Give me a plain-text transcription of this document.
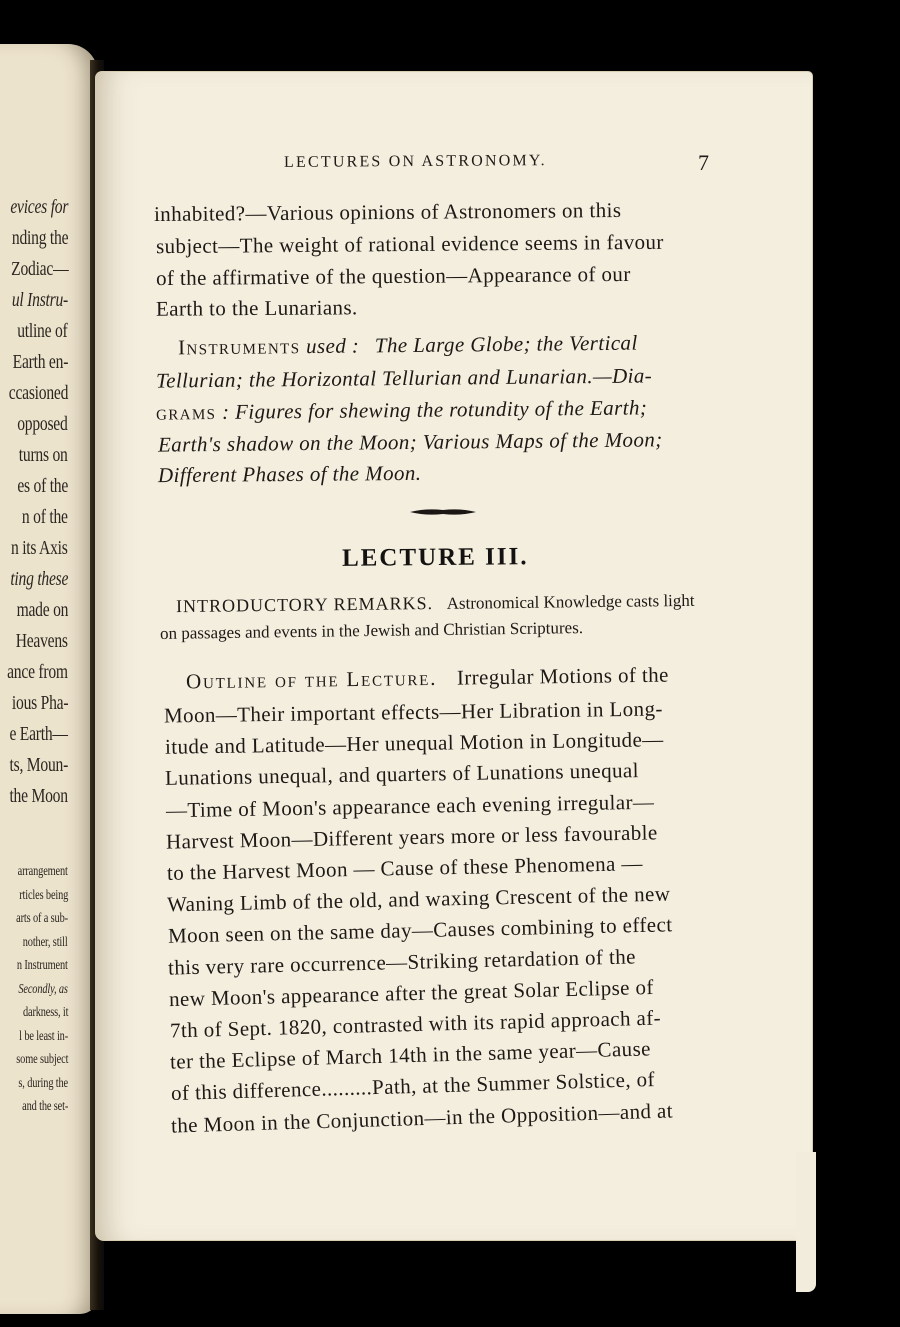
evices for
nding the
Zodiac—
ul Instru-
utline of
Earth en-
ccasioned
opposed
turns on
es of the
n of the
n its Axis
ting these
made on
Heavens
ance from
ious Pha-
e Earth—
ts, Moun-
the Moon
arrangement
rticles being
arts of a sub-
nother, still
n Instrument
Secondly, as
darkness, it
l be least in-
some subject
s, during the
and the set-
LECTURES ON ASTRONOMY.	7
inhabited?—Various opinions of Astronomers on this
subject—The weight of rational evidence seems in favour
of the affirmative of the question—Appearance of our
Earth to the Lunarians.
Instruments used : The Large Globe; the Vertical
Tellurian; the Horizontal Tellurian and Lunarian.—Dia-
grams : Figures for shewing the rotundity of the Earth;
Earth's shadow on the Moon; Various Maps of the Moon;
Different Phases of the Moon.
LECTURE III.
INTRODUCTORY REMARKS. Astronomical Knowledge casts light
on passages and events in the Jewish and Christian Scriptures.
Outline of the Lecture. Irregular Motions of the
Moon—Their important effects—Her Libration in Long-
itude and Latitude—Her unequal Motion in Longitude—
Lunations unequal, and quarters of Lunations unequal
—Time of Moon's appearance each evening irregular—
Harvest Moon—Different years more or less favourable
to the Harvest Moon — Cause of these Phenomena —
Waning Limb of the old, and waxing Crescent of the new
Moon seen on the same day—Causes combining to effect
this very rare occurrence—Striking retardation of the
new Moon's appearance after the great Solar Eclipse of
7th of Sept. 1820, contrasted with its rapid approach af-
ter the Eclipse of March 14th in the same year—Cause
of this difference.........Path, at the Summer Solstice, of
the Moon in the Conjunction—in the Opposition—and at
